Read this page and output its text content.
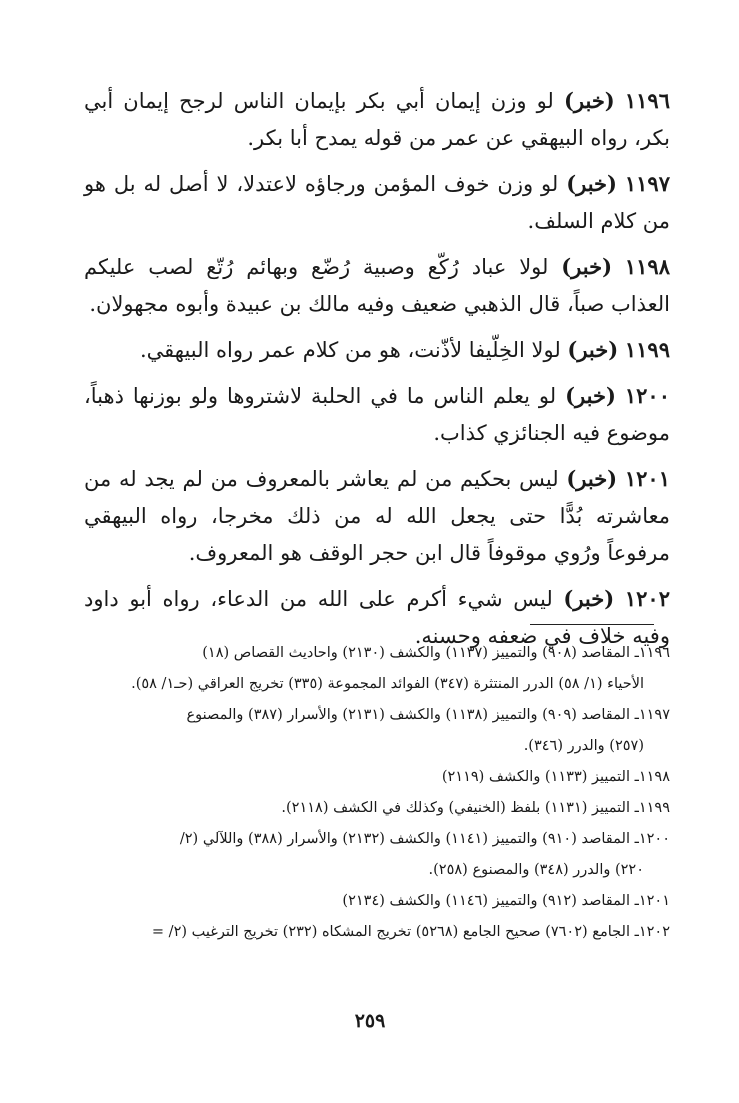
١١٩٦ (خبر) لو وزن إيمان أبي بكر بإيمان الناس لرجح إيمان أبي بكر، رواه البيهقي عن عمر من قوله يمدح أبا بكر.

١١٩٧ (خبر) لو وزن خوف المؤمن ورجاؤه لاعتدلا، لا أصل له بل هو من كلام السلف.

١١٩٨ (خبر) لولا عباد رُكّع وصبية رُضّع وبهائم رُتّع لصب عليكم العذاب صباً، قال الذهبي ضعيف وفيه مالك بن عبيدة وأبوه مجهولان.

١١٩٩ (خبر) لولا الخِلّيفا لأذّنت، هو من كلام عمر رواه البيهقي.

١٢٠٠ (خبر) لو يعلم الناس ما في الحلبة لاشتروها ولو بوزنها ذهباً، موضوع فيه الجنائزي كذاب.

١٢٠١ (خبر) ليس بحكيم من لم يعاشر بالمعروف من لم يجد له من معاشرته بُدًّا حتى يجعل الله له من ذلك مخرجا، رواه البيهقي مرفوعاً ورُوي موقوفاً قال ابن حجر الوقف هو المعروف.

١٢٠٢ (خبر) ليس شيء أكرم على الله من الدعاء، رواه أبو داود وفيه خلاف في ضعفه وحسنه.

١١٩٦ـ المقاصد (٩٠٨) والتمييز (١١٣٧) والكشف (٢١٣٠) واحاديث القصاص (١٨)
الأحياء (١/ ٥٨) الدرر المنتثرة (٣٤٧) الفوائد المجموعة (٣٣٥) تخريج العراقي (حـ١/ ٥٨).

١١٩٧ـ المقاصد (٩٠٩) والتمييز (١١٣٨) والكشف (٢١٣١) والأسرار (٣٨٧) والمصنوع
(٢٥٧) والدرر (٣٤٦).

١١٩٨ـ التمييز (١١٣٣) والكشف (٢١١٩)

١١٩٩ـ التمييز (١١٣١) بلفظ (الخنيفي) وكذلك في الكشف (٢١١٨).

١٢٠٠ـ المقاصد (٩١٠) والتمييز (١١٤١) والكشف (٢١٣٢) والأسرار (٣٨٨) واللآلي (٢/
٢٢٠) والدرر (٣٤٨) والمصنوع (٢٥٨).

١٢٠١ـ المقاصد (٩١٢) والتمييز (١١٤٦) والكشف (٢١٣٤)

١٢٠٢ـ الجامع (٧٦٠٢) صحيح الجامع (٥٢٦٨) تخريج المشكاه (٢٣٢) تخريج الترغيب (٢/ =

٢٥٩
